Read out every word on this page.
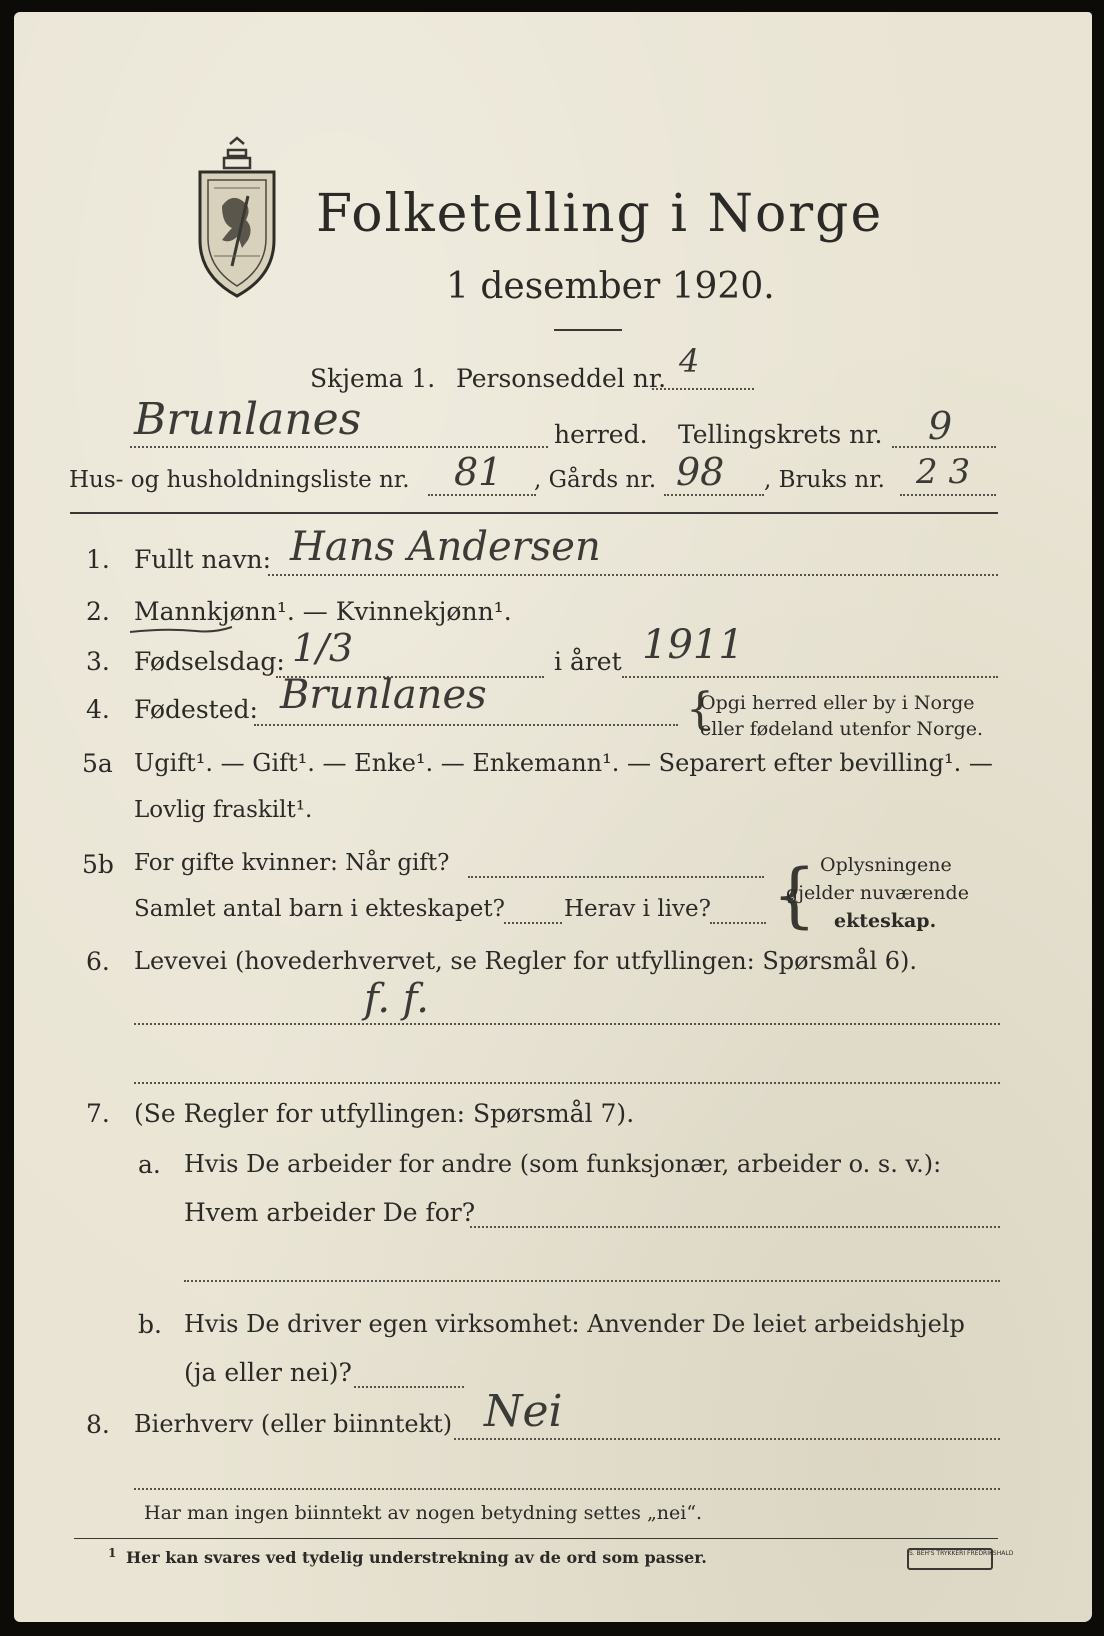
Folketelling i Norge
1 desember 1920.
Skjema 1. Personseddel nr. 4
Brunlanes	herred. Tellingskrets nr. 9
Hus- og husholdningsliste nr. 81 , Gårds nr. 98 , Bruks nr. 2 3
1. Fullt navn: Hans Andersen
2. Mannkjønn¹. — Kvinnekjønn¹.
3. Fødselsdag: 1/3	i året 1911
4. Fødested: Brunlanes	{
Opgi herred eller by i Norge
eller fødeland utenfor Norge.
5a Ugift¹. — Gift¹. — Enke¹. — Enkemann¹. — Separert efter bevilling¹. —
Lovlig fraskilt¹.
5b For gifte kvinner: Når gift?
Samlet antal barn i ekteskapet?	Herav i live? { Oplysningene
gjelder nuværende
ekteskap.
6. Levevei (hovederhvervet, se Regler for utfyllingen: Spørsmål 6).
f. f.
7. (Se Regler for utfyllingen: Spørsmål 7).
a. Hvis De arbeider for andre (som funksjonær, arbeider o. s. v.):
Hvem arbeider De for?
b. Hvis De driver egen virksomhet: Anvender De leiet arbeidshjelp
(ja eller nei)?
8. Bierhverv (eller biinntekt) Nei
Har man ingen biinntekt av nogen betydning settes „nei“.
1 Her kan svares ved tydelig understrekning av de ord som passer.	S. BEH'S TRYKKERI FREDRIKSHALD
